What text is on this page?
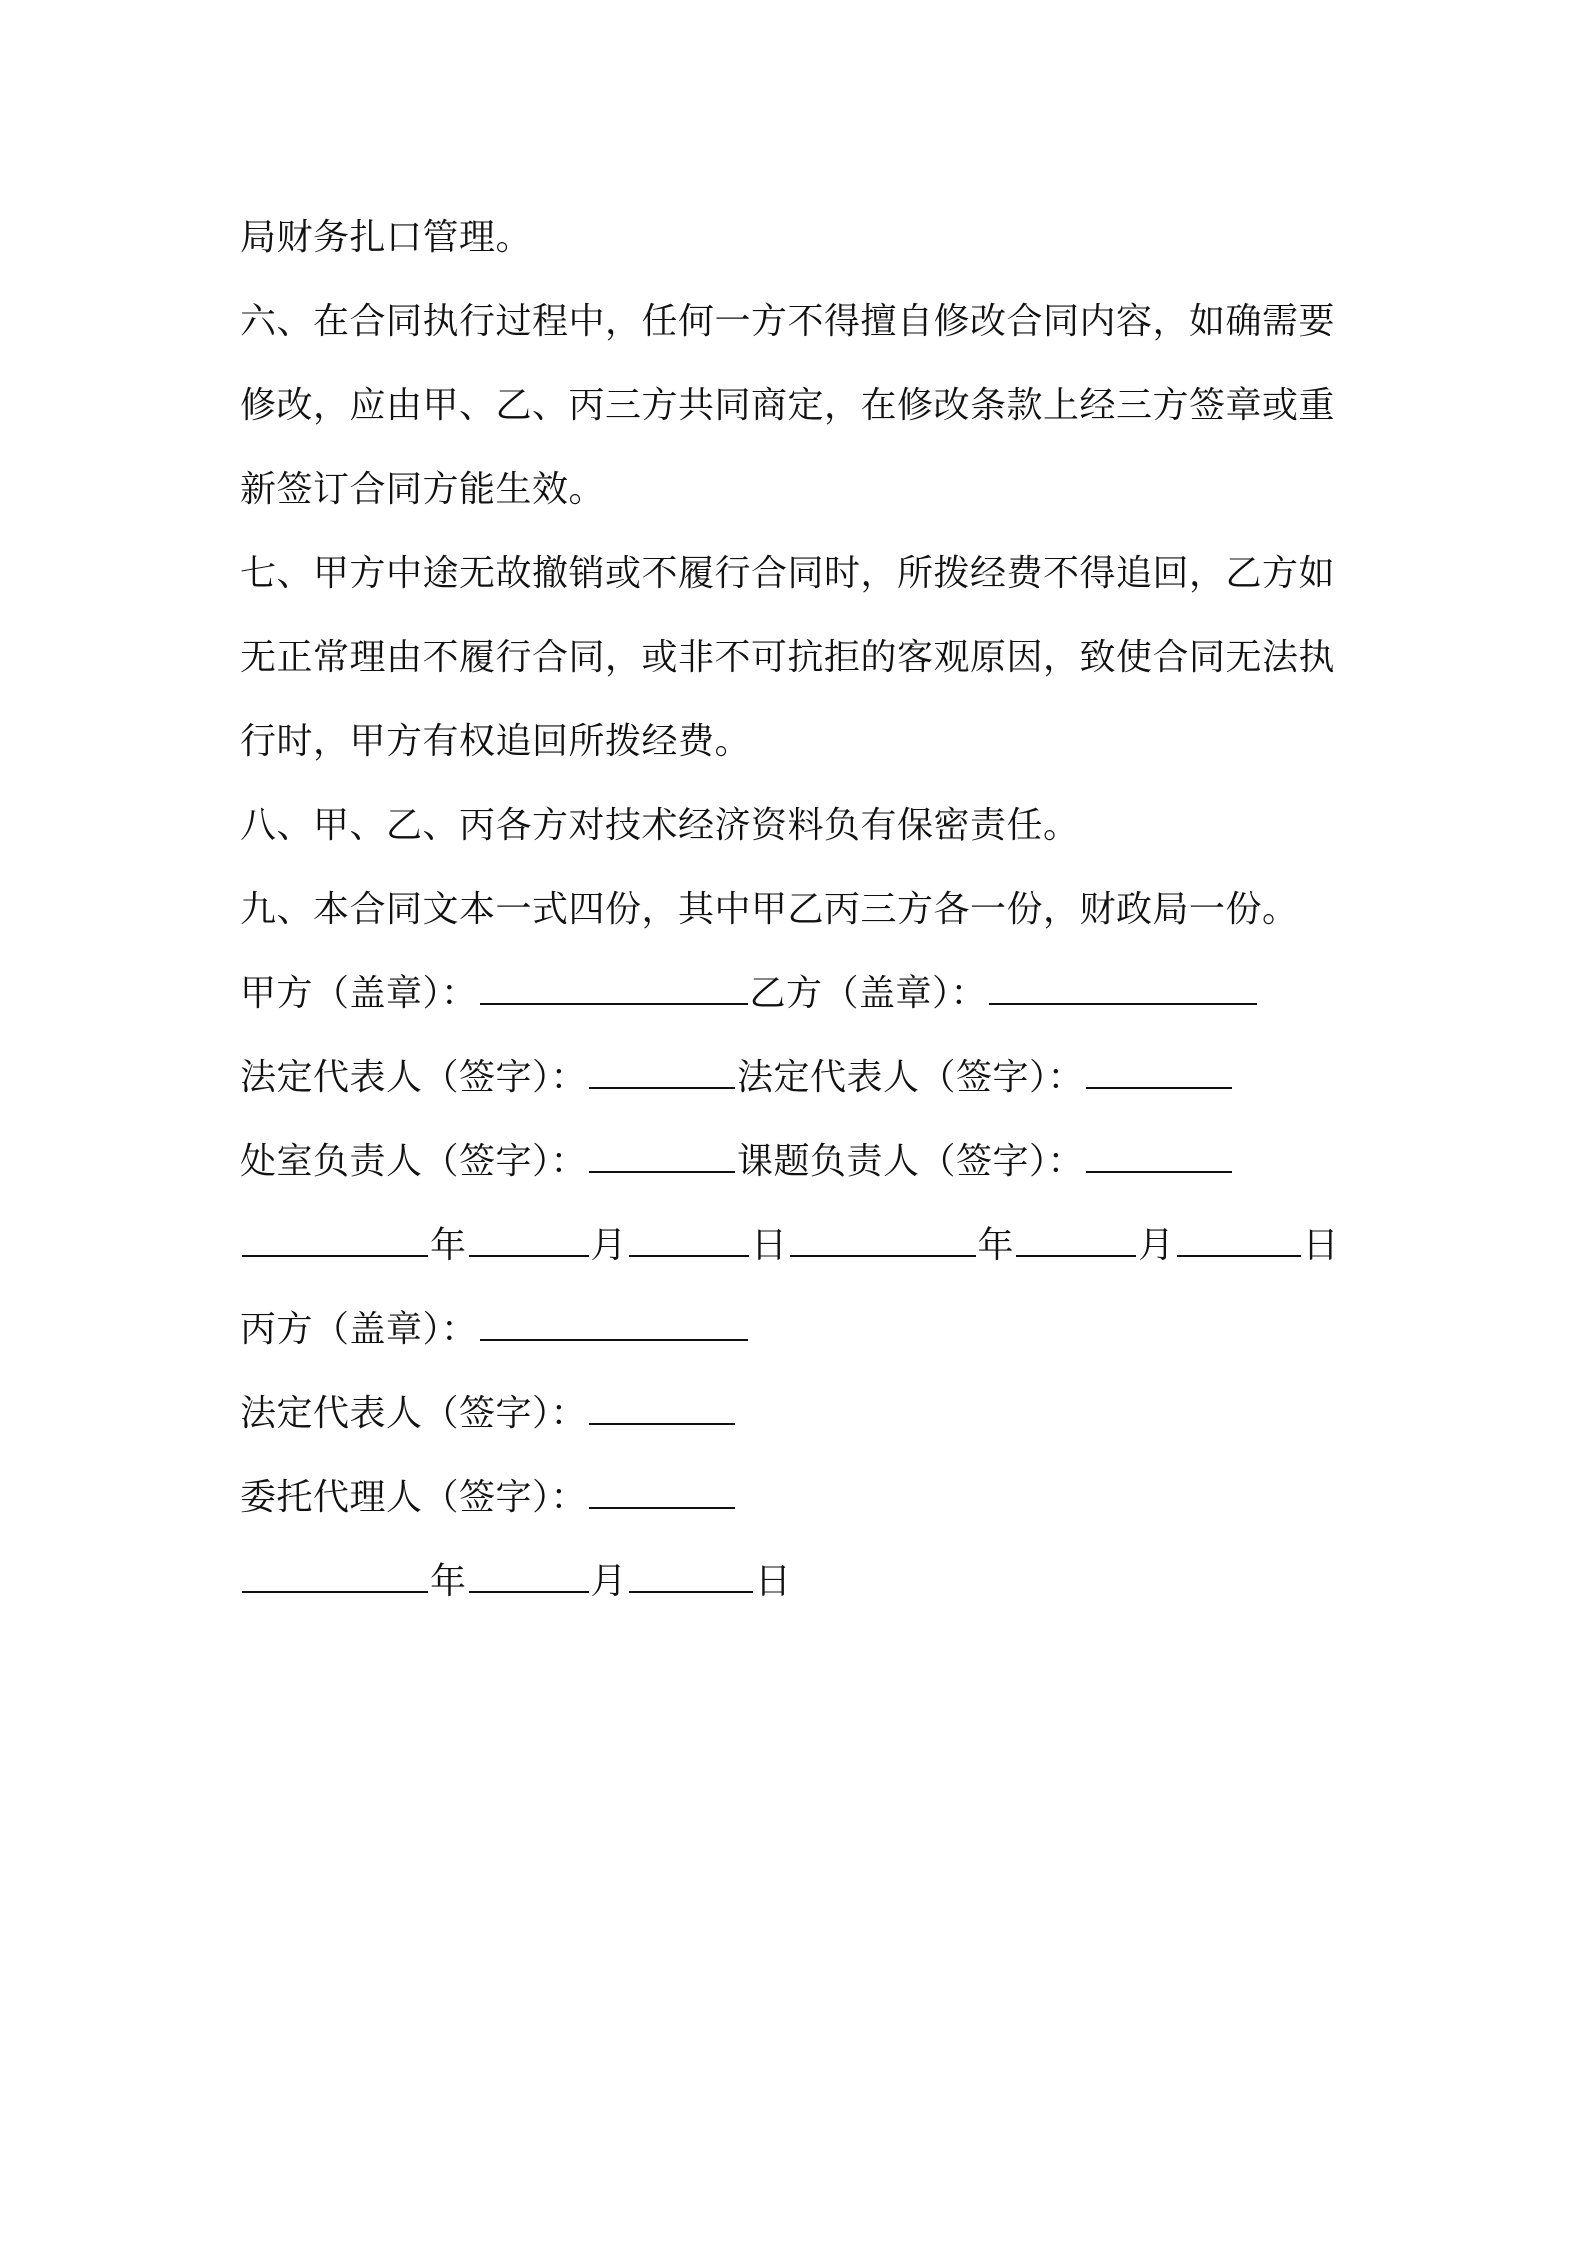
局财务扎口管理。
六、在合同执行过程中，任何一方不得擅自修改合同内容，如确需要
修改，应由甲、乙、丙三方共同商定，在修改条款上经三方签章或重
新签订合同方能生效。
七、甲方中途无故撤销或不履行合同时，所拨经费不得追回，乙方如
无正常理由不履行合同，或非不可抗拒的客观原因，致使合同无法执
行时，甲方有权追回所拨经费。
八、甲、乙、丙各方对技术经济资料负有保密责任。
九、本合同文本一式四份，其中甲乙丙三方各一份，财政局一份。
甲方（盖章）：	乙方（盖章）：
法定代表人（签字）：	法定代表人（签字）：
处室负责人（签字）：	课题负责人（签字）：
年	月	日	年	月	日
丙方（盖章）：
法定代表人（签字）：
委托代理人（签字）：
年	月	日
